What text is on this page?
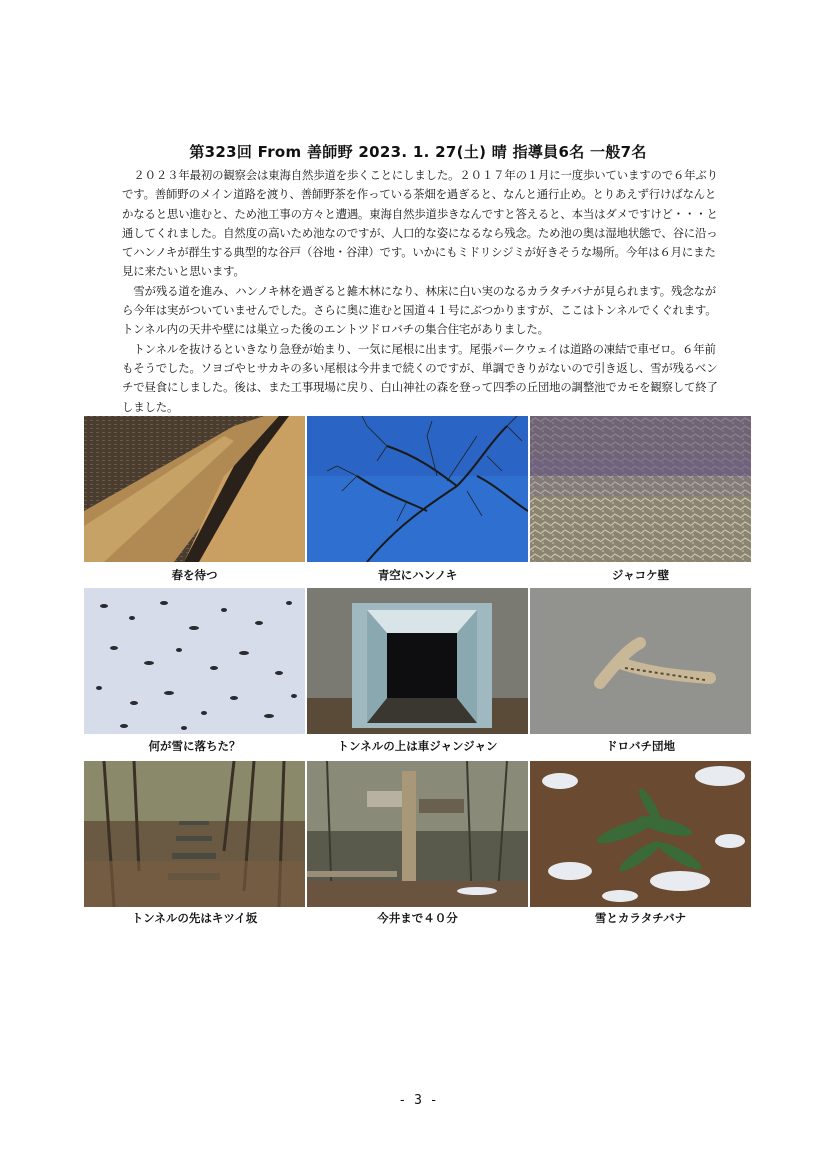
第323回 From 善師野 2023. 1. 27(土) 晴 指導員6名 一般7名

２０２３年最初の観察会は東海自然歩道を歩くことにしました。２０１７年の１月に一度歩いていますので６年ぶりです。善師野のメイン道路を渡り、善師野茶を作っている茶畑を過ぎると、なんと通行止め。とりあえず行けばなんとかなると思い進むと、ため池工事の方々と遭遇。東海自然歩道歩きなんですと答えると、本当はダメですけど・・・と通してくれました。自然度の高いため池なのですが、人口的な姿になるなら残念。ため池の奥は湿地状態で、谷に沿ってハンノキが群生する典型的な谷戸（谷地・谷津）です。いかにもミドリシジミが好きそうな場所。今年は６月にまた見に来たいと思います。

雪が残る道を進み、ハンノキ林を過ぎると雑木林になり、林床に白い実のなるカラタチバナが見られます。残念ながら今年は実がついていませんでした。さらに奥に進むと国道４１号にぶつかりますが、ここはトンネルでくぐれます。トンネル内の天井や壁には巣立った後のエントツドロバチの集合住宅がありました。

トンネルを抜けるといきなり急登が始まり、一気に尾根に出ます。尾張パークウェイは道路の凍結で車ゼロ。６年前もそうでした。ソヨゴやヒサカキの多い尾根は今井まで続くのですが、単調できりがないので引き返し、雪が残るベンチで昼食にしました。後は、また工事現場に戻り、白山神社の森を登って四季の丘団地の調整池でカモを観察して終了しました。

春を待つ	青空にハンノキ	ジャコケ壁
何が雪に落ちた？	トンネルの上は車ジャンジャン	ドロバチ団地
トンネルの先はキツイ坂	今井まで４０分	雪とカラタチバナ
- 3 -
